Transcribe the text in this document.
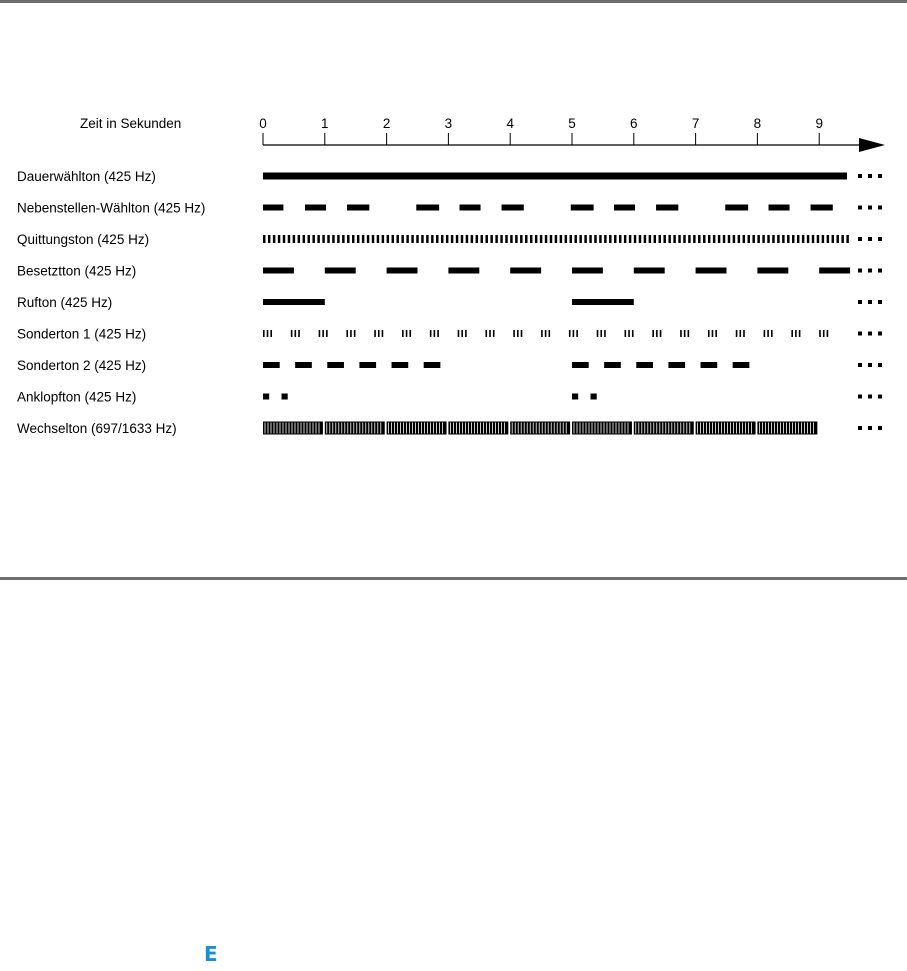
Zeit in Sekunden	0	1	2	3	4	5	6	7	8	9
Dauerwählton (425 Hz)
Nebenstellen-Wählton (425 Hz)
Quittungston (425 Hz)
Besetztton (425 Hz)
Rufton (425 Hz)
Sonderton 1 (425 Hz)
Sonderton 2 (425 Hz)
Anklopfton (425 Hz)
Wechselton (697/1633 Hz)
E
